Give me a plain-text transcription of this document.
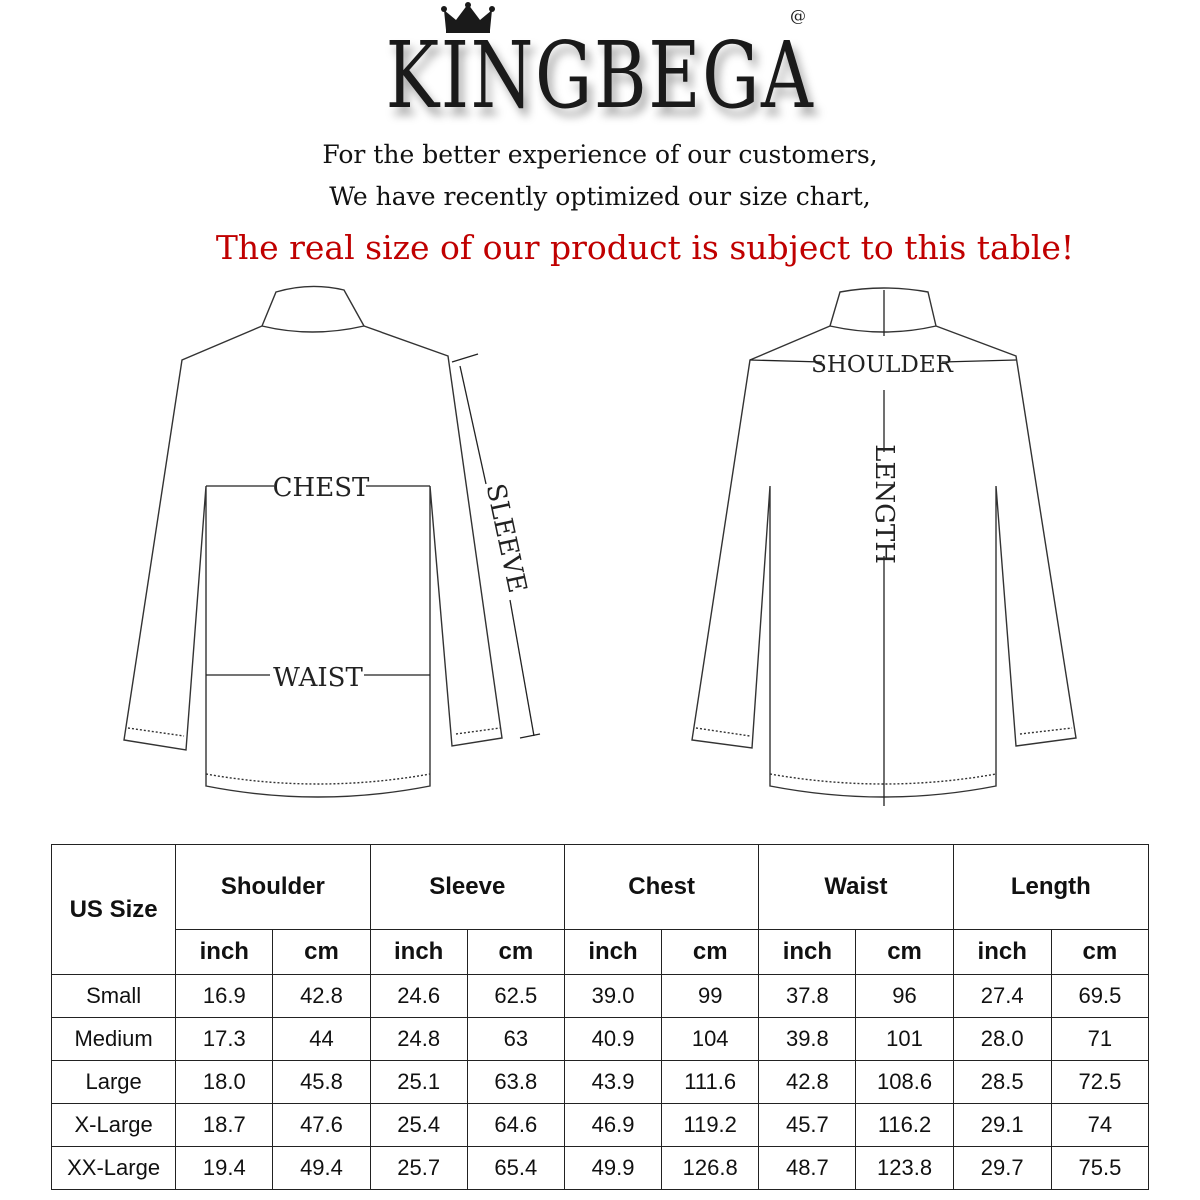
KINGBEGA
@
For the better experience of our customers,
We have recently optimized our size chart,
The real size of our product is subject to this table!
CHEST
WAIST
SLEEVE
SHOULDER
LENGTH
US Size	Shoulder		Sleeve		Chest		Waist		Length	
	inch	cm	inch	cm	inch	cm	inch	cm	inch	cm
Small	16.9	42.8	24.6	62.5	39.0	99	37.8	96	27.4	69.5
Medium	17.3	44	24.8	63	40.9	104	39.8	101	28.0	71
Large	18.0	45.8	25.1	63.8	43.9	111.6	42.8	108.6	28.5	72.5
X-Large	18.7	47.6	25.4	64.6	46.9	119.2	45.7	116.2	29.1	74
XX-Large	19.4	49.4	25.7	65.4	49.9	126.8	48.7	123.8	29.7	75.5
